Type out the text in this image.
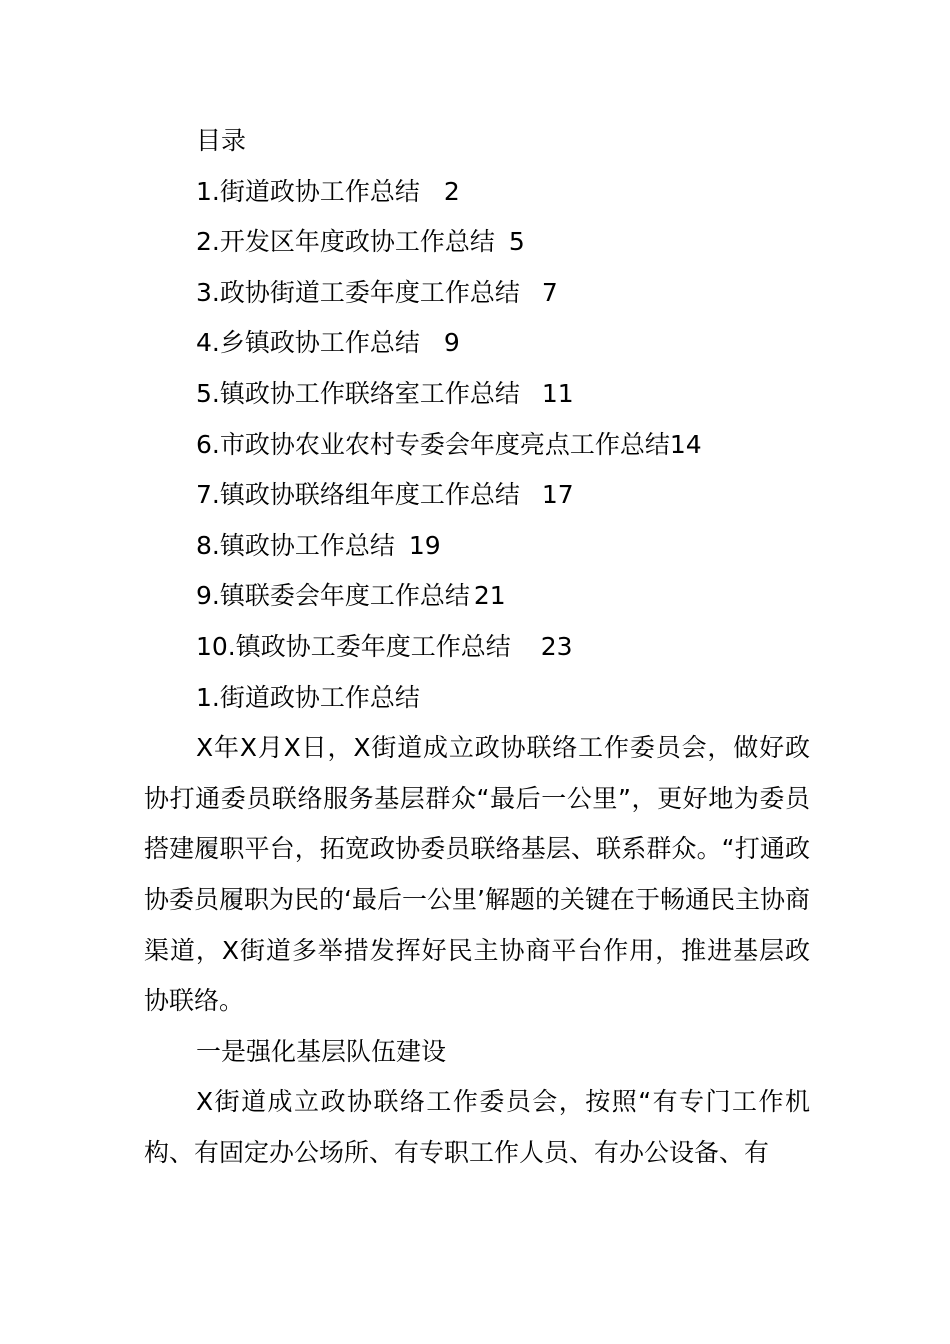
目录
1.街道政协工作总结 2
2.开发区年度政协工作总结 5
3.政协街道工委年度工作总结 7
4.乡镇政协工作总结 9
5.镇政协工作联络室工作总结 11
6.市政协农业农村专委会年度亮点工作总结14
7.镇政协联络组年度工作总结 17
8.镇政协工作总结 19
9.镇联委会年度工作总结 21
10.镇政协工委年度工作总结 23
1.街道政协工作总结

X年X月X日，X街道成立政协联络工作委员会，做好政协打通委员联络服务基层群众“最后一公里”，更好地为委员搭建履职平台，拓宽政协委员联络基层、联系群众。“打通政协委员履职为民的‘最后一公里’解题的关键在于畅通民主协商渠道，X街道多举措发挥好民主协商平台作用，推进基层政协联络。

一是强化基层队伍建设

X街道成立政协联络工作委员会，按照“有专门工作机构、有固定办公场所、有专职工作人员、有办公设备、有
